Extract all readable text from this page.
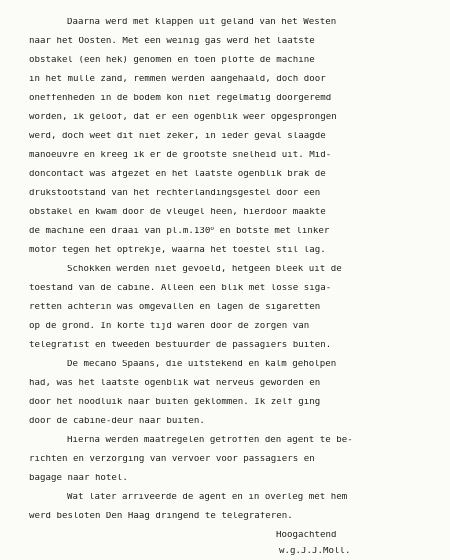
Daarna werd met klappen uit geland van het Westen
naar het Oosten. Met een weinig gas werd het laatste
obstakel (een hek) genomen en toen plofte de machine
in het mulle zand, remmen werden aangehaald, doch door
oneffenheden in de bodem kon niet regelmatig doorgeremd
worden, ik geloof, dat er een ogenblik weer opgesprongen
werd, doch weet dit niet zeker, in ieder geval slaagde
manoeuvre en kreeg ik er de grootste snelheid uit. Mid-
doncontact was afgezet en het laatste ogenblik brak de
drukstootstand van het rechterlandingsgestel door een
obstakel en kwam door de vleugel heen, hierdoor maakte
de machine een draai van pl.m.130$^o$ en botste met linker
motor tegen het optrekje, waarna het toestel stil lag.
Schokken werden niet gevoeld, hetgeen bleek uit de
toestand van de cabine. Alleen een blik met losse siga-
retten achterin was omgevallen en lagen de sigaretten
op de grond. In korte tijd waren door de zorgen van
telegrafist en tweeden bestuurder de passagiers buiten.
De mecano Spaans, die uitstekend en kalm geholpen
had, was het laatste ogenblik wat nerveus geworden en
door het noodluik naar buiten geklommen. Ik zelf ging
door de cabine-deur naar buiten.
Hierna werden maatregelen getroffen den agent te be-
richten en verzorging van vervoer voor passagiers en
bagage naar hotel.
Wat later arriveerde de agent en in overleg met hem
werd besloten Den Haag dringend te telegraferen.
Hoogachtend
w.g.J.J.Moll.
